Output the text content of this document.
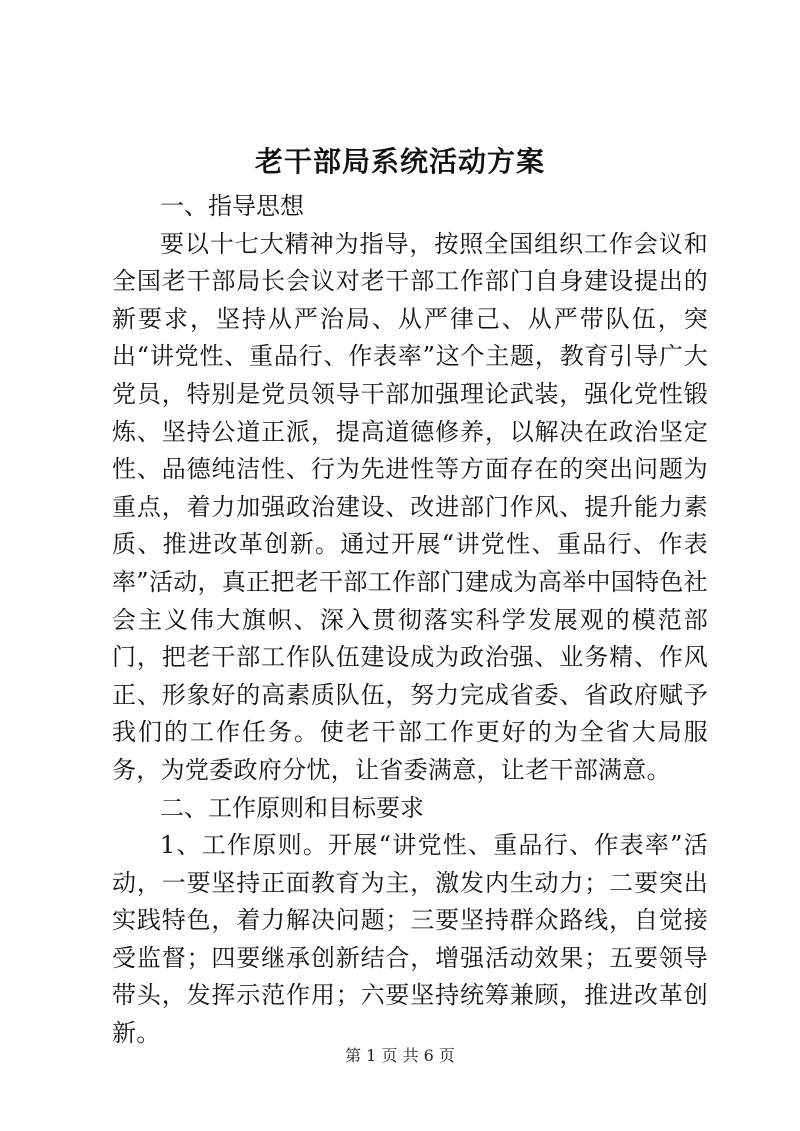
老干部局系统活动方案

一、指导思想

要以十七大精神为指导，按照全国组织工作会议和全国老干部局长会议对老干部工作部门自身建设提出的新要求，坚持从严治局、从严律己、从严带队伍，突出“讲党性、重品行、作表率”这个主题，教育引导广大党员，特别是党员领导干部加强理论武装，强化党性锻炼、坚持公道正派，提高道德修养，以解决在政治坚定性、品德纯洁性、行为先进性等方面存在的突出问题为重点，着力加强政治建设、改进部门作风、提升能力素质、推进改革创新。通过开展“讲党性、重品行、作表率”活动，真正把老干部工作部门建成为高举中国特色社会主义伟大旗帜、深入贯彻落实科学发展观的模范部门，把老干部工作队伍建设成为政治强、业务精、作风正、形象好的高素质队伍，努力完成省委、省政府赋予我们的工作任务。使老干部工作更好的为全省大局服务，为党委政府分忧，让省委满意，让老干部满意。

二、工作原则和目标要求

1、工作原则。开展“讲党性、重品行、作表率”活动，一要坚持正面教育为主，激发内生动力；二要突出实践特色，着力解决问题；三要坚持群众路线，自觉接受监督；四要继承创新结合，增强活动效果；五要领导带头，发挥示范作用；六要坚持统筹兼顾，推进改革创新。

第 1 页 共 6 页
